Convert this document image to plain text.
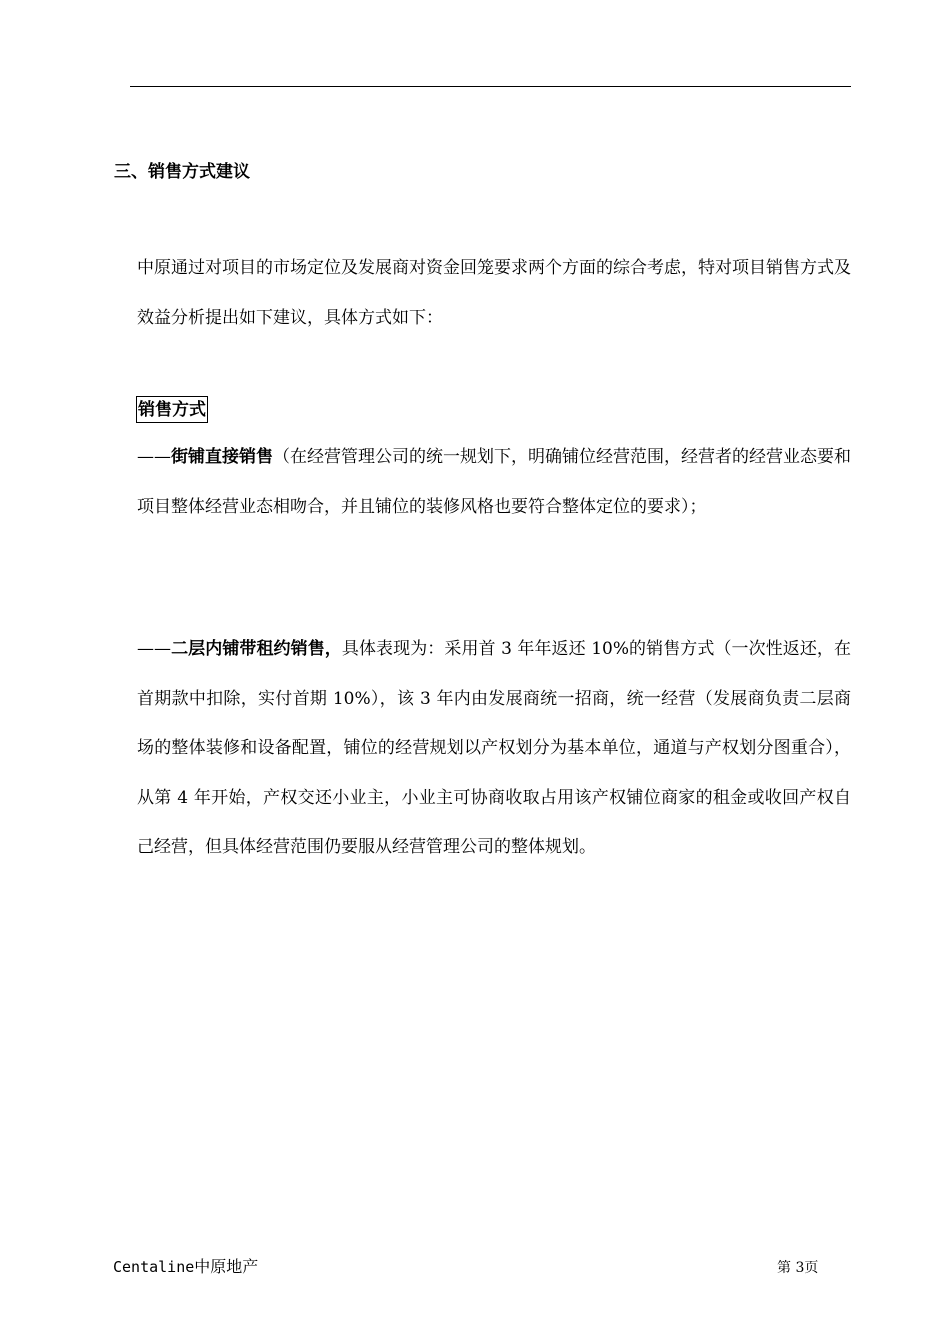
三、销售方式建议
中原通过对项目的市场定位及发展商对资金回笼要求两个方面的综合考虑，特对项目销售方式及效益分析提出如下建议，具体方式如下：
销售方式
——街铺直接销售（在经营管理公司的统一规划下，明确铺位经营范围，经营者的经营业态要和项目整体经营业态相吻合，并且铺位的装修风格也要符合整体定位的要求）；
——二层内铺带租约销售，具体表现为：采用首 3 年年返还 10%的销售方式（一次性返还，在首期款中扣除，实付首期 10%），该 3 年内由发展商统一招商，统一经营（发展商负责二层商场的整体装修和设备配置，铺位的经营规划以产权划分为基本单位，通道与产权划分图重合），从第 4 年开始，产权交还小业主，小业主可协商收取占用该产权铺位商家的租金或收回产权自己经营，但具体经营范围仍要服从经营管理公司的整体规划。
Centaline中原地产	第 3页
